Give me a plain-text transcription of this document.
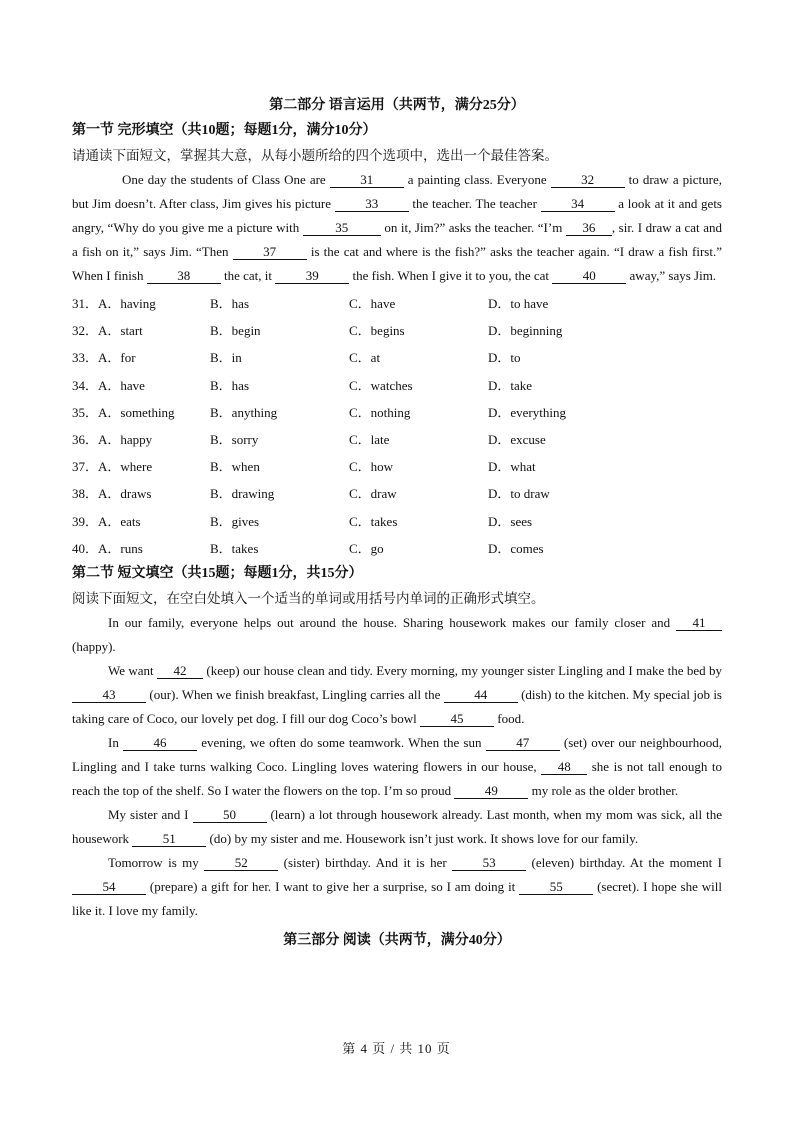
第二部分 语言运用（共两节，满分25分）
第一节 完形填空（共10题；每题1分，满分10分）
请通读下面短文，掌握其大意，从每小题所给的四个选项中，选出一个最佳答案。

One day the students of Class One are 31 a painting class. Everyone 32 to draw a picture, but Jim doesn’t. After class, Jim gives his picture 33 the teacher. The teacher 34 a look at it and gets angry, “Why do you give me a picture with	35	on it, Jim?” asks the teacher. “I’m 36 , sir. I draw a cat and a fish on it,” says Jim. “Then 37 is the cat and where is the fish?” asks the teacher again. “I draw a fish first.” When I finish 38 the cat, it 39 the fish. When I give it to you, the cat 40 away,” says Jim.

31．A．having	B．has	C．have	D．to have
32．A．start	B．begin	C．begins	D．beginning
33．A．for	B．in	C．at	D．to
34．A．have	B．has	C．watches	D．take
35．A．something	B．anything	C．nothing	D．everything
36．A．happy	B．sorry	C．late	D．excuse
37．A．where	B．when	C．how	D．what
38．A．draws	B．drawing	C．draw	D．to draw
39．A．eats	B．gives	C．takes	D．sees
40．A．runs	B．takes	C．go	D．comes
第二节 短文填空（共15题；每题1分，共15分）
阅读下面短文，在空白处填入一个适当的单词或用括号内单词的正确形式填空。

In our family, everyone helps out around the house. Sharing housework makes our family closer and 41 (happy).

We want 42 (keep) our house clean and tidy. Every morning, my younger sister Lingling and I make the bed by 43 (our). When we finish breakfast, Lingling carries all the 44 (dish) to the kitchen. My special job is taking care of Coco, our lovely pet dog. I fill our dog Coco’s bowl 45 food.

In 46 evening, we often do some teamwork. When the sun 47 (set) over our neighbourhood, Lingling and I take turns walking Coco. Lingling loves watering flowers in our house, 48 she is not tall enough to reach the top of the shelf. So I water the flowers on the top. I’m so proud 49 my role as the older brother.

My sister and I 50 (learn) a lot through housework already. Last month, when my mom was sick, all the housework 51 (do) by my sister and me. Housework isn’t just work. It shows love for our family.

Tomorrow is my 52 (sister) birthday. And it is her 53 (eleven) birthday. At the moment I 54 (prepare) a gift for her. I want to give her a surprise, so I am doing it 55 (secret). I hope she will like it. I love my family.

第三部分 阅读（共两节，满分40分）
第 4 页 / 共 10 页
